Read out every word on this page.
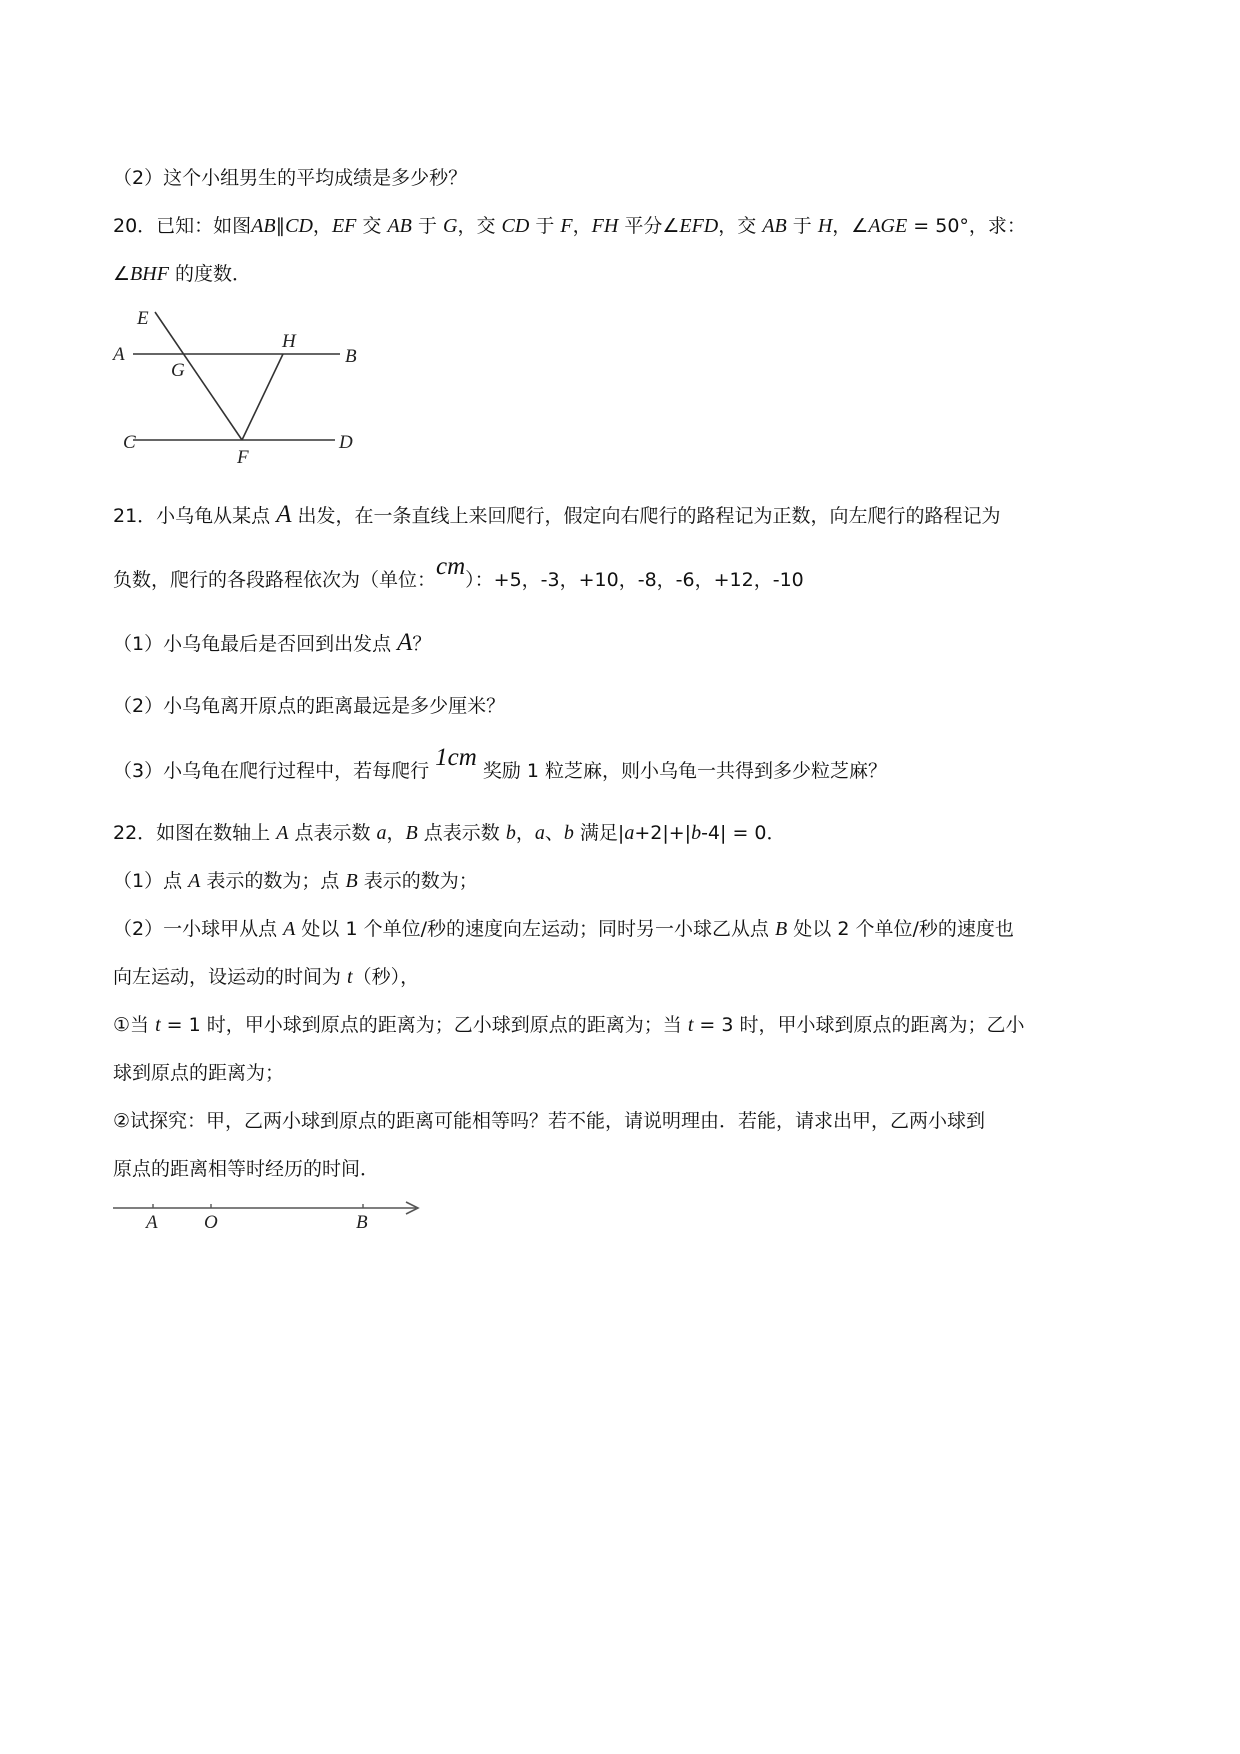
（2）这个小组男生的平均成绩是多少秒？
20．已知：如图AB∥CD，EF 交 AB 于 G，交 CD 于 F，FH 平分∠EFD，交 AB 于 H，∠AGE = 50°，求：
∠BHF 的度数．
E
A
G
H
B
C
F
D
21．小乌龟从某点 A 出发，在一条直线上来回爬行，假定向右爬行的路程记为正数，向左爬行的路程记为
负数，爬行的各段路程依次为（单位：cm）：+5，-3，+10，-8，-6，+12，-10
（1）小乌龟最后是否回到出发点 A？
（2）小乌龟离开原点的距离最远是多少厘米？
（3）小乌龟在爬行过程中，若每爬行 1cm 奖励 1 粒芝麻，则小乌龟一共得到多少粒芝麻？
22．如图在数轴上 A 点表示数 a，B 点表示数 b，a、b 满足|a+2|+|b-4| = 0．
（1）点 A 表示的数为；点 B 表示的数为；
（2）一小球甲从点 A 处以 1 个单位/秒的速度向左运动；同时另一小球乙从点 B 处以 2 个单位/秒的速度也
向左运动，设运动的时间为 t（秒），
①当 t = 1 时，甲小球到原点的距离为；乙小球到原点的距离为；当 t = 3 时，甲小球到原点的距离为；乙小
球到原点的距离为；
②试探究：甲，乙两小球到原点的距离可能相等吗？若不能，请说明理由．若能，请求出甲，乙两小球到
原点的距离相等时经历的时间．
A O	B
